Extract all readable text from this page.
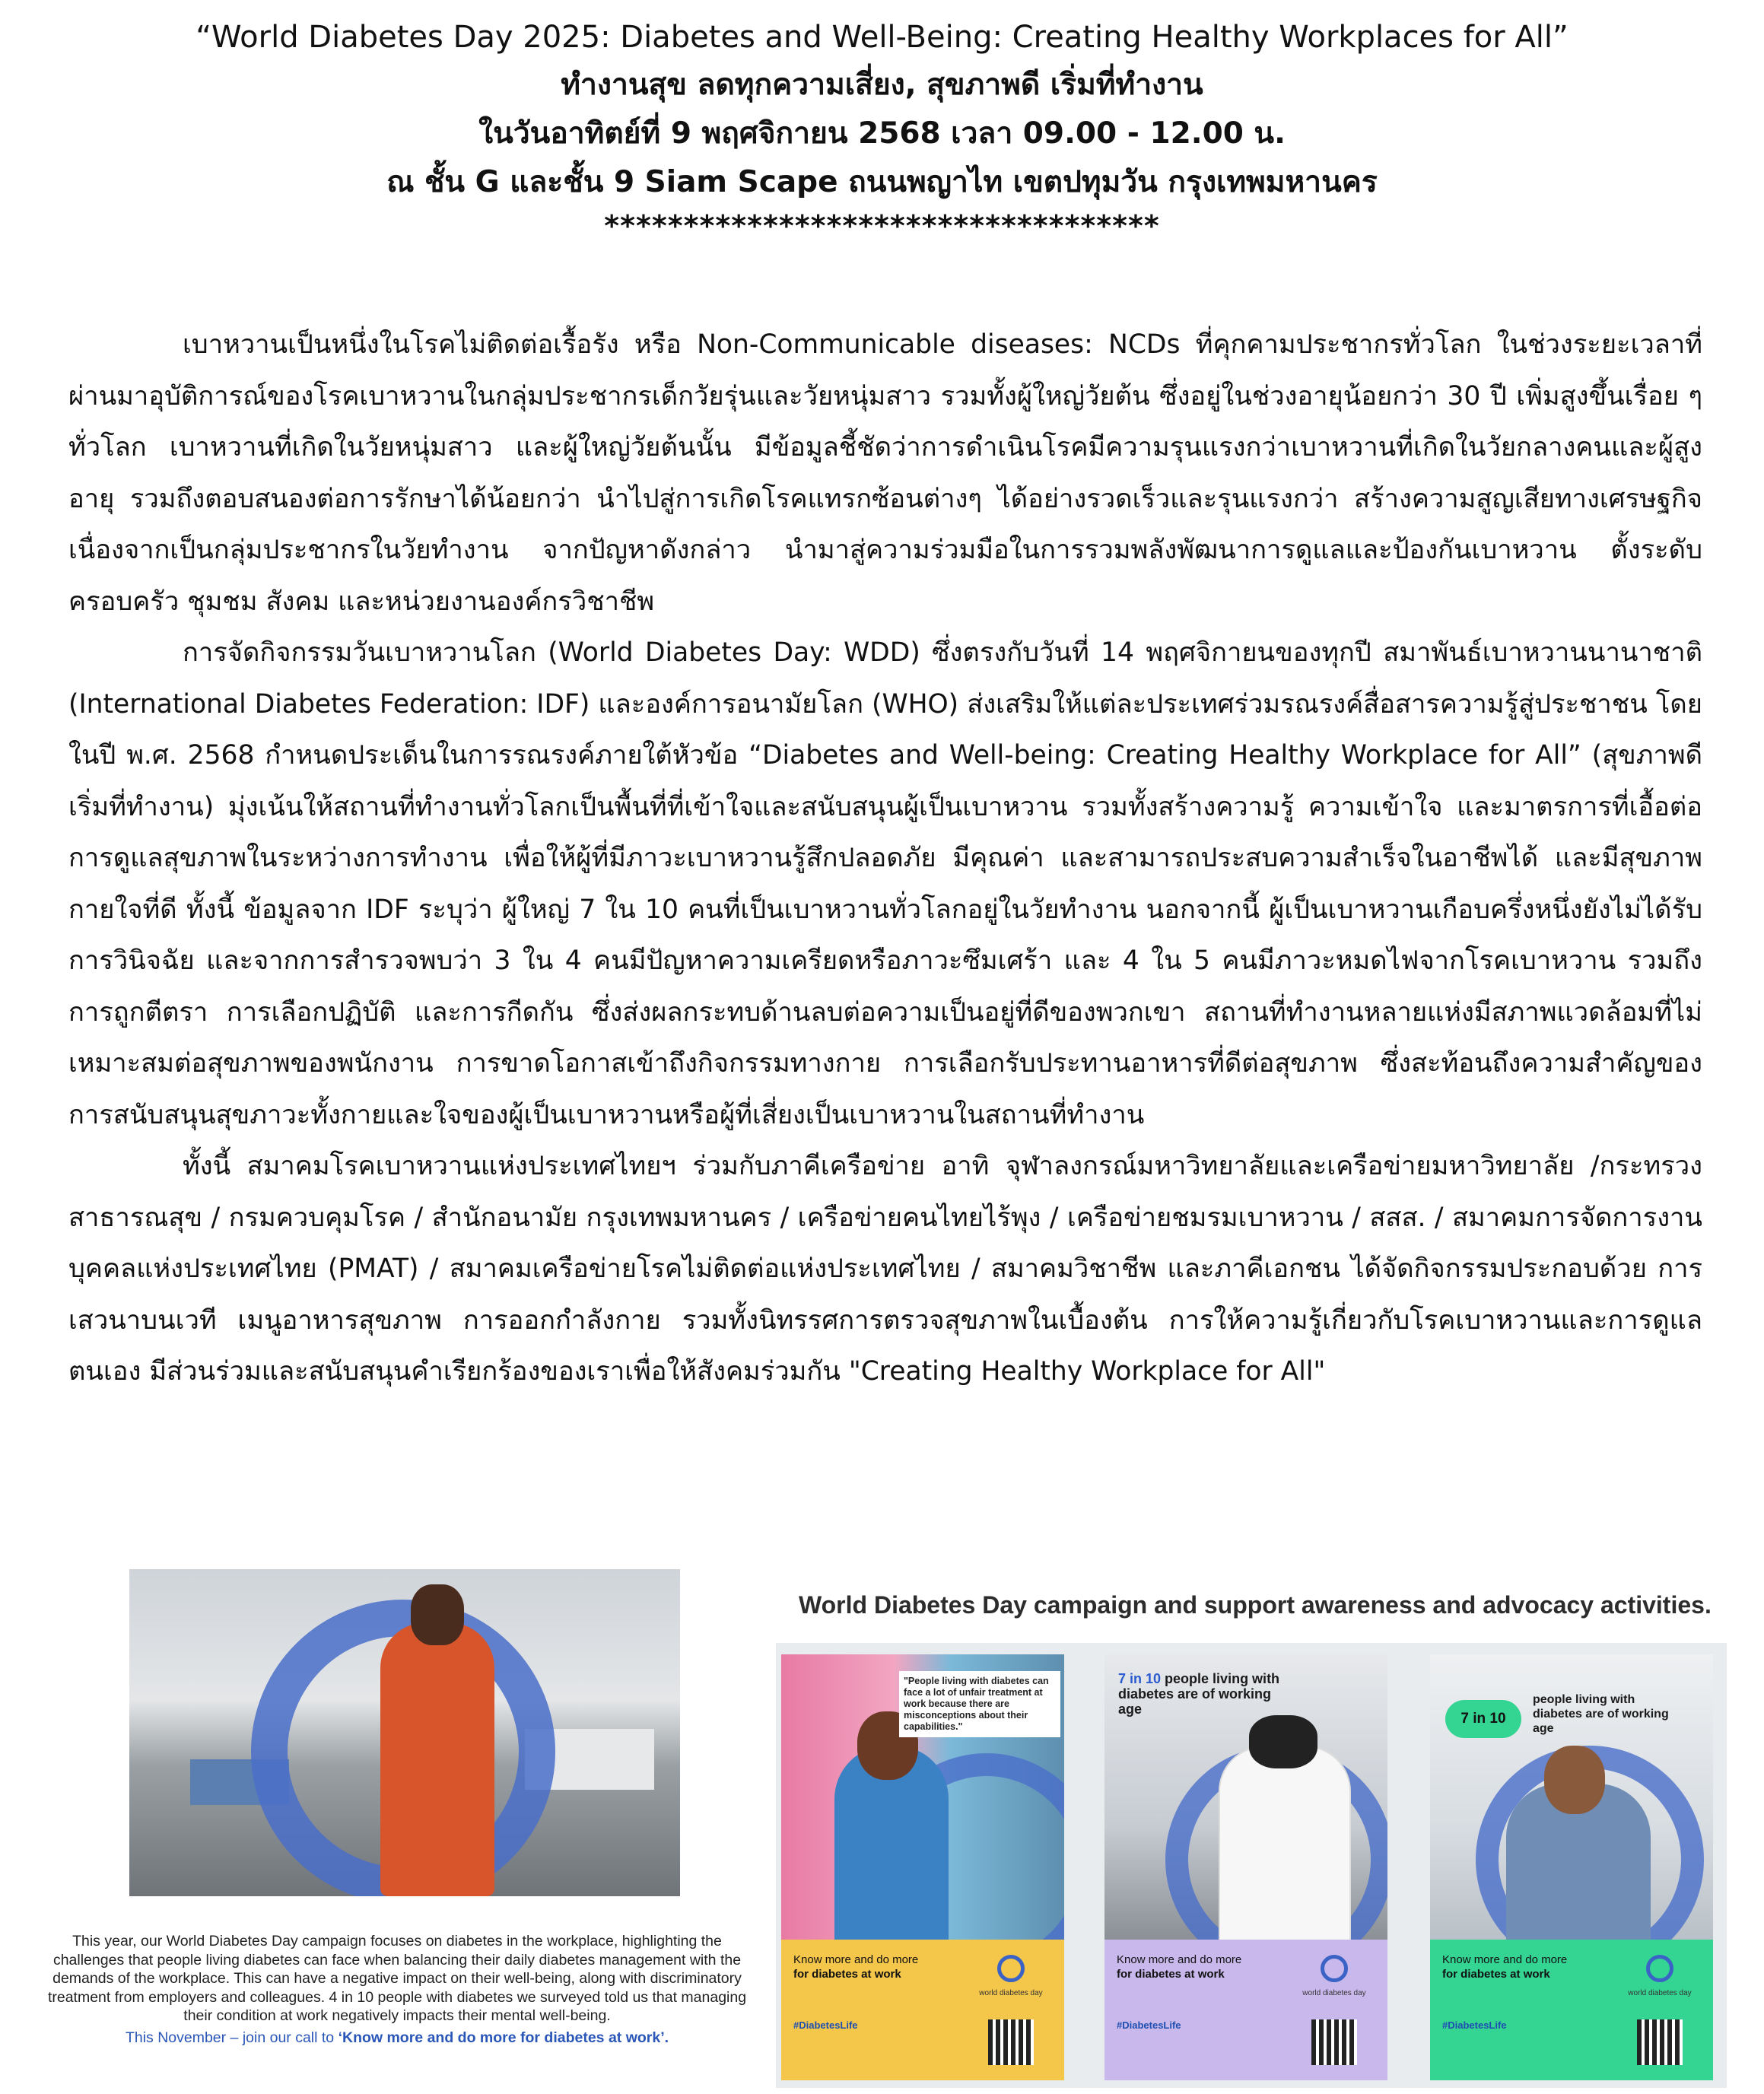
“World Diabetes Day 2025: Diabetes and Well-Being: Creating Healthy Workplaces for All”
ทำงานสุข ลดทุกความเสี่ยง, สุขภาพดี เริ่มที่ทำงาน
ในวันอาทิตย์ที่ 9 พฤศจิกายน 2568 เวลา 09.00 - 12.00 น.
ณ ชั้น G และชั้น 9 Siam Scape ถนนพญาไท เขตปทุมวัน กรุงเทพมหานคร
***********************************

เบาหวานเป็นหนึ่งในโรคไม่ติดต่อเรื้อรัง หรือ Non-Communicable diseases: NCDs ที่คุกคามประชากรทั่วโลก ในช่วงระยะเวลาที่ผ่านมาอุบัติการณ์ของโรคเบาหวานในกลุ่มประชากรเด็กวัยรุ่นและวัยหนุ่มสาว รวมทั้งผู้ใหญ่วัยต้น ซึ่งอยู่ในช่วงอายุน้อยกว่า 30 ปี เพิ่มสูงขึ้นเรื่อย ๆ ทั่วโลก เบาหวานที่เกิดในวัยหนุ่มสาว และผู้ใหญ่วัยต้นนั้น มีข้อมูลชี้ชัดว่าการดำเนินโรคมีความรุนแรงกว่าเบาหวานที่เกิดในวัยกลางคนและผู้สูงอายุ รวมถึงตอบสนองต่อการรักษาได้น้อยกว่า นำไปสู่การเกิดโรคแทรกซ้อนต่างๆ ได้อย่างรวดเร็วและรุนแรงกว่า สร้างความสูญเสียทางเศรษฐกิจ เนื่องจากเป็นกลุ่มประชากรในวัยทำงาน จากปัญหาดังกล่าว นำมาสู่ความร่วมมือในการรวมพลังพัฒนาการดูแลและป้องกันเบาหวาน ตั้งระดับครอบครัว ชุมชม สังคม และหน่วยงานองค์กรวิชาชีพ

การจัดกิจกรรมวันเบาหวานโลก (World Diabetes Day: WDD) ซึ่งตรงกับวันที่ 14 พฤศจิกายนของทุกปี สมาพันธ์เบาหวานนานาชาติ (International Diabetes Federation: IDF) และองค์การอนามัยโลก (WHO) ส่งเสริมให้แต่ละประเทศร่วมรณรงค์สื่อสารความรู้สู่ประชาชน โดยในปี พ.ศ. 2568 กำหนดประเด็นในการรณรงค์ภายใต้หัวข้อ “Diabetes and Well-being: Creating Healthy Workplace for All” (สุขภาพดี เริ่มที่ทำงาน) มุ่งเน้นให้สถานที่ทำงานทั่วโลกเป็นพื้นที่ที่เข้าใจและสนับสนุนผู้เป็นเบาหวาน รวมทั้งสร้างความรู้ ความเข้าใจ และมาตรการที่เอื้อต่อการดูแลสุขภาพในระหว่างการทำงาน เพื่อให้ผู้ที่มีภาวะเบาหวานรู้สึกปลอดภัย มีคุณค่า และสามารถประสบความสำเร็จในอาชีพได้ และมีสุขภาพกายใจที่ดี ทั้งนี้ ข้อมูลจาก IDF ระบุว่า ผู้ใหญ่ 7 ใน 10 คนที่เป็นเบาหวานทั่วโลกอยู่ในวัยทำงาน นอกจากนี้ ผู้เป็นเบาหวานเกือบครึ่งหนึ่งยังไม่ได้รับการวินิจฉัย และจากการสำรวจพบว่า 3 ใน 4 คนมีปัญหาความเครียดหรือภาวะซึมเศร้า และ 4 ใน 5 คนมีภาวะหมดไฟจากโรคเบาหวาน รวมถึงการถูกตีตรา การเลือกปฏิบัติ และการกีดกัน ซึ่งส่งผลกระทบด้านลบต่อความเป็นอยู่ที่ดีของพวกเขา สถานที่ทำงานหลายแห่งมีสภาพแวดล้อมที่ไม่เหมาะสมต่อสุขภาพของพนักงาน การขาดโอกาสเข้าถึงกิจกรรมทางกาย การเลือกรับประทานอาหารที่ดีต่อสุขภาพ ซึ่งสะท้อนถึงความสำคัญของการสนับสนุนสุขภาวะทั้งกายและใจของผู้เป็นเบาหวานหรือผู้ที่เสี่ยงเป็นเบาหวานในสถานที่ทำงาน

ทั้งนี้ สมาคมโรคเบาหวานแห่งประเทศไทยฯ ร่วมกับภาคีเครือข่าย อาทิ จุฬาลงกรณ์มหาวิทยาลัยและเครือข่ายมหาวิทยาลัย /กระทรวงสาธารณสุข / กรมควบคุมโรค / สำนักอนามัย กรุงเทพมหานคร / เครือข่ายคนไทยไร้พุง / เครือข่ายชมรมเบาหวาน / สสส. / สมาคมการจัดการงานบุคคลแห่งประเทศไทย (PMAT) / สมาคมเครือข่ายโรคไม่ติดต่อแห่งประเทศไทย / สมาคมวิชาชีพ และภาคีเอกชน ได้จัดกิจกรรมประกอบด้วย การเสวนาบนเวที เมนูอาหารสุขภาพ การออกกำลังกาย รวมทั้งนิทรรศการตรวจสุขภาพในเบื้องต้น การให้ความรู้เกี่ยวกับโรคเบาหวานและการดูแลตนเอง มีส่วนร่วมและสนับสนุนคำเรียกร้องของเราเพื่อให้สังคมร่วมกัน "Creating Healthy Workplace for All"

This year, our World Diabetes Day campaign focuses on diabetes in the workplace, highlighting the challenges that people living diabetes can face when balancing their daily diabetes management with the demands of the workplace. This can have a negative impact on their well-being, along with discriminatory treatment from employers and colleagues. 4 in 10 people with diabetes we surveyed told us that managing their condition at work negatively impacts their mental well-being.
This November – join our call to ‘Know more and do more for diabetes at work’.
World Diabetes Day campaign and support awareness and advocacy activities.
"People living with diabetes can face a lot of unfair treatment at work because there are misconceptions about their capabilities."
Know more and do more
for diabetes at work
#DiabetesLife
world diabetes day
7 in 10 people living with diabetes are of working age
Know more and do more
for diabetes at work
#DiabetesLife
world diabetes day
7 in 10
people living with diabetes are of working age
Know more and do more
for diabetes at work
#DiabetesLife
world diabetes day
